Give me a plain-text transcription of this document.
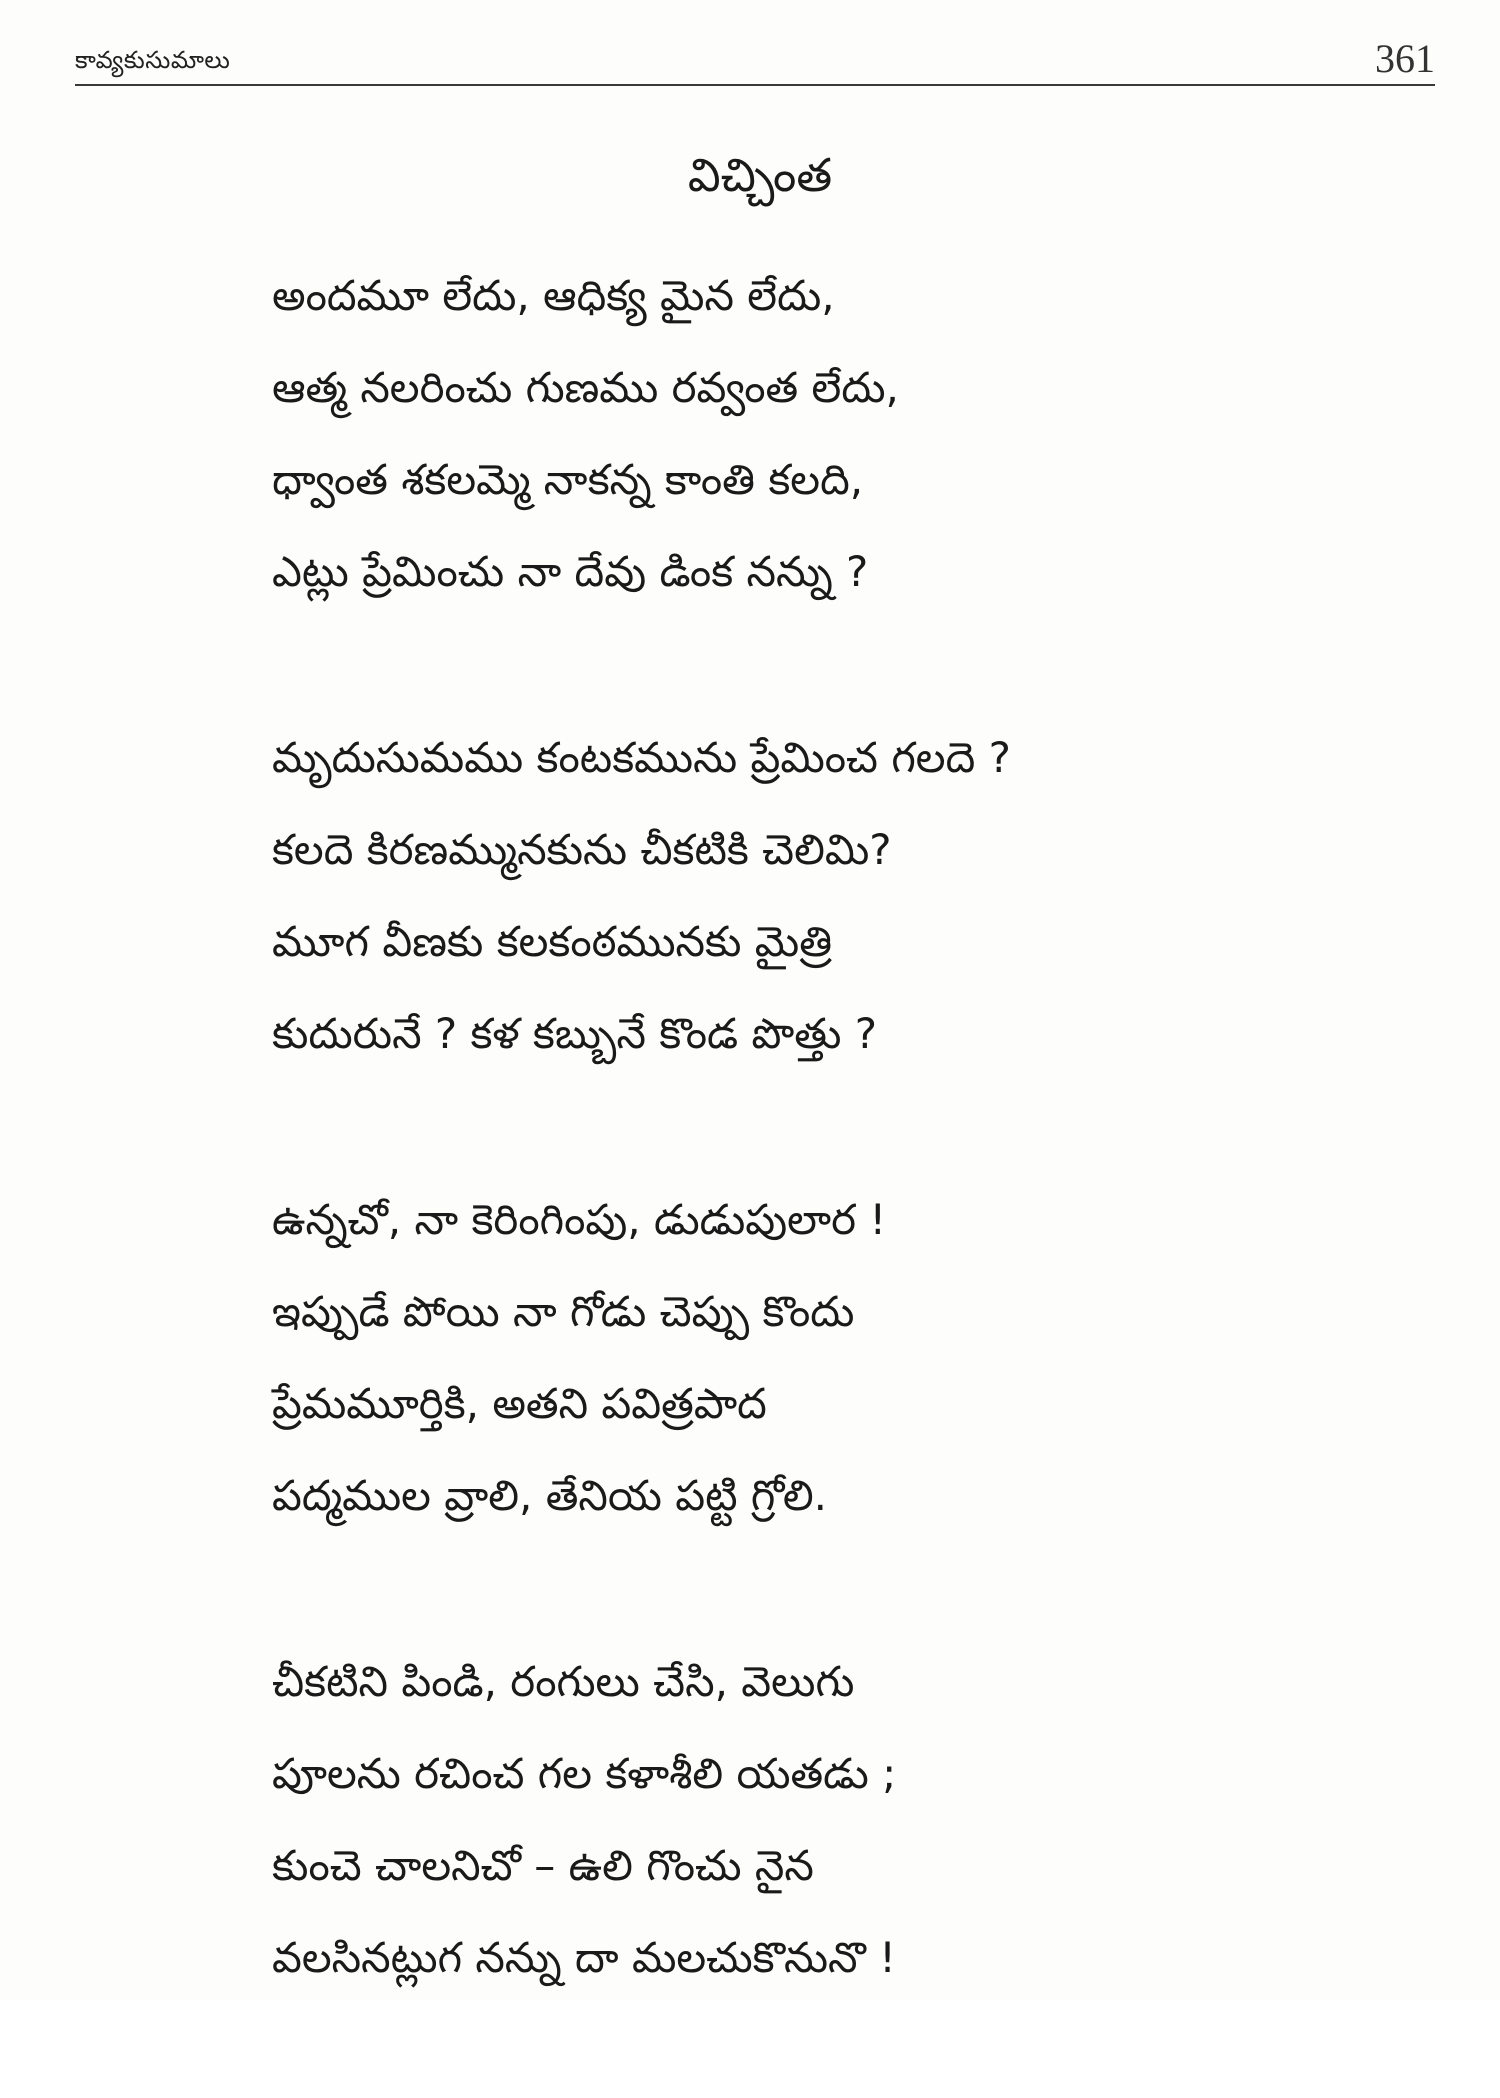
కావ్యకుసుమాలు	361
విచ్చింత
అందమూ లేదు, ఆధిక్య మైన లేదు,
ఆత్మ నలరించు గుణము రవ్వంత లేదు,
ధ్వాంత శకలమ్మె నాకన్న కాంతి కలది,
ఎట్లు ప్రేమించు నా దేవు డింక నన్ను ?
మృదుసుమము కంటకమును ప్రేమించ గలదె ?
కలదె కిరణమ్మునకును చీకటికి చెలిమి?
మూగ వీణకు కలకంఠమునకు మైత్రి
కుదురునే ? కళ కబ్బునే కొండ పొత్తు ?
ఉన్నచో, నా కెరింగింపు, డుడుపులార !
ఇప్పుడే పోయి నా గోడు చెప్పు కొందు
ప్రేమమూర్తికి, అతని పవిత్రపాద
పద్మముల వ్రాలి, తేనియ పట్టి గ్రోలి.
చీకటిని పిండి, రంగులు చేసి, వెలుగు
పూలను రచించ గల కళాశీలి యతడు ;
కుంచె చాలనిచో – ఉలి గొంచు నైన
వలసినట్లుగ నన్ను దా మలచుకొనునొ !
